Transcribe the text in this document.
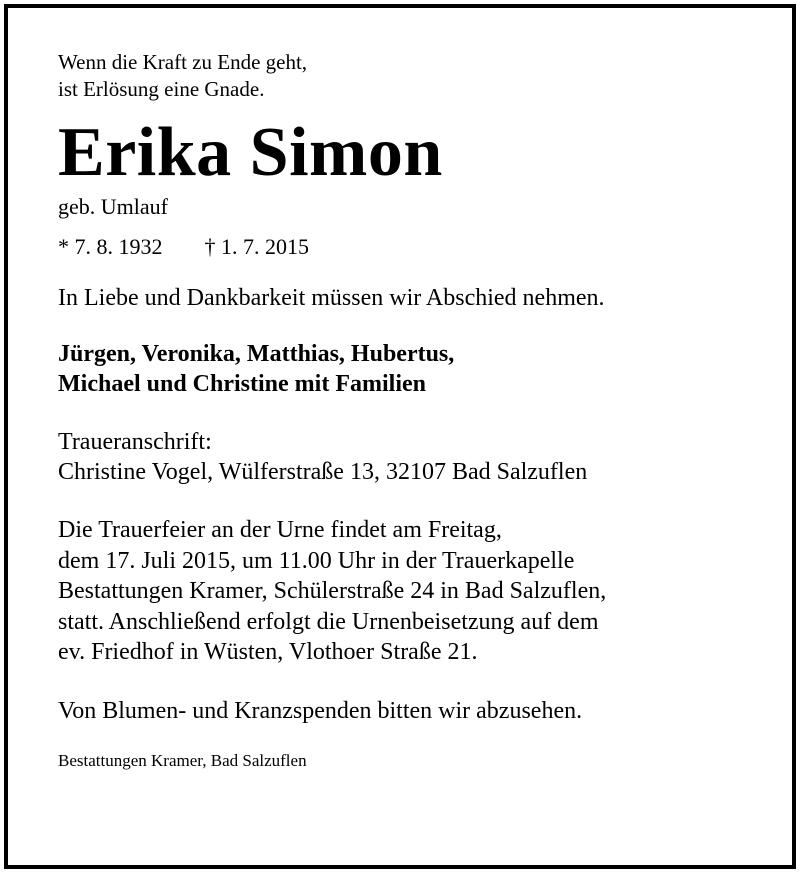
Wenn die Kraft zu Ende geht,
ist Erlösung eine Gnade.

Erika Simon

geb. Umlauf

* 7. 8. 1932 † 1. 7. 2015

In Liebe und Dankbarkeit müssen wir Abschied nehmen.

Jürgen, Veronika, Matthias, Hubertus,
Michael und Christine mit Familien

Traueranschrift:
Christine Vogel, Wülferstraße 13, 32107 Bad Salzuflen

Die Trauerfeier an der Urne findet am Freitag,
dem 17. Juli 2015, um 11.00 Uhr in der Trauerkapelle
Bestattungen Kramer, Schülerstraße 24 in Bad Salzuflen,
statt. Anschließend erfolgt die Urnenbeisetzung auf dem
ev. Friedhof in Wüsten, Vlothoer Straße 21.

Von Blumen- und Kranzspenden bitten wir abzusehen.

Bestattungen Kramer, Bad Salzuflen
